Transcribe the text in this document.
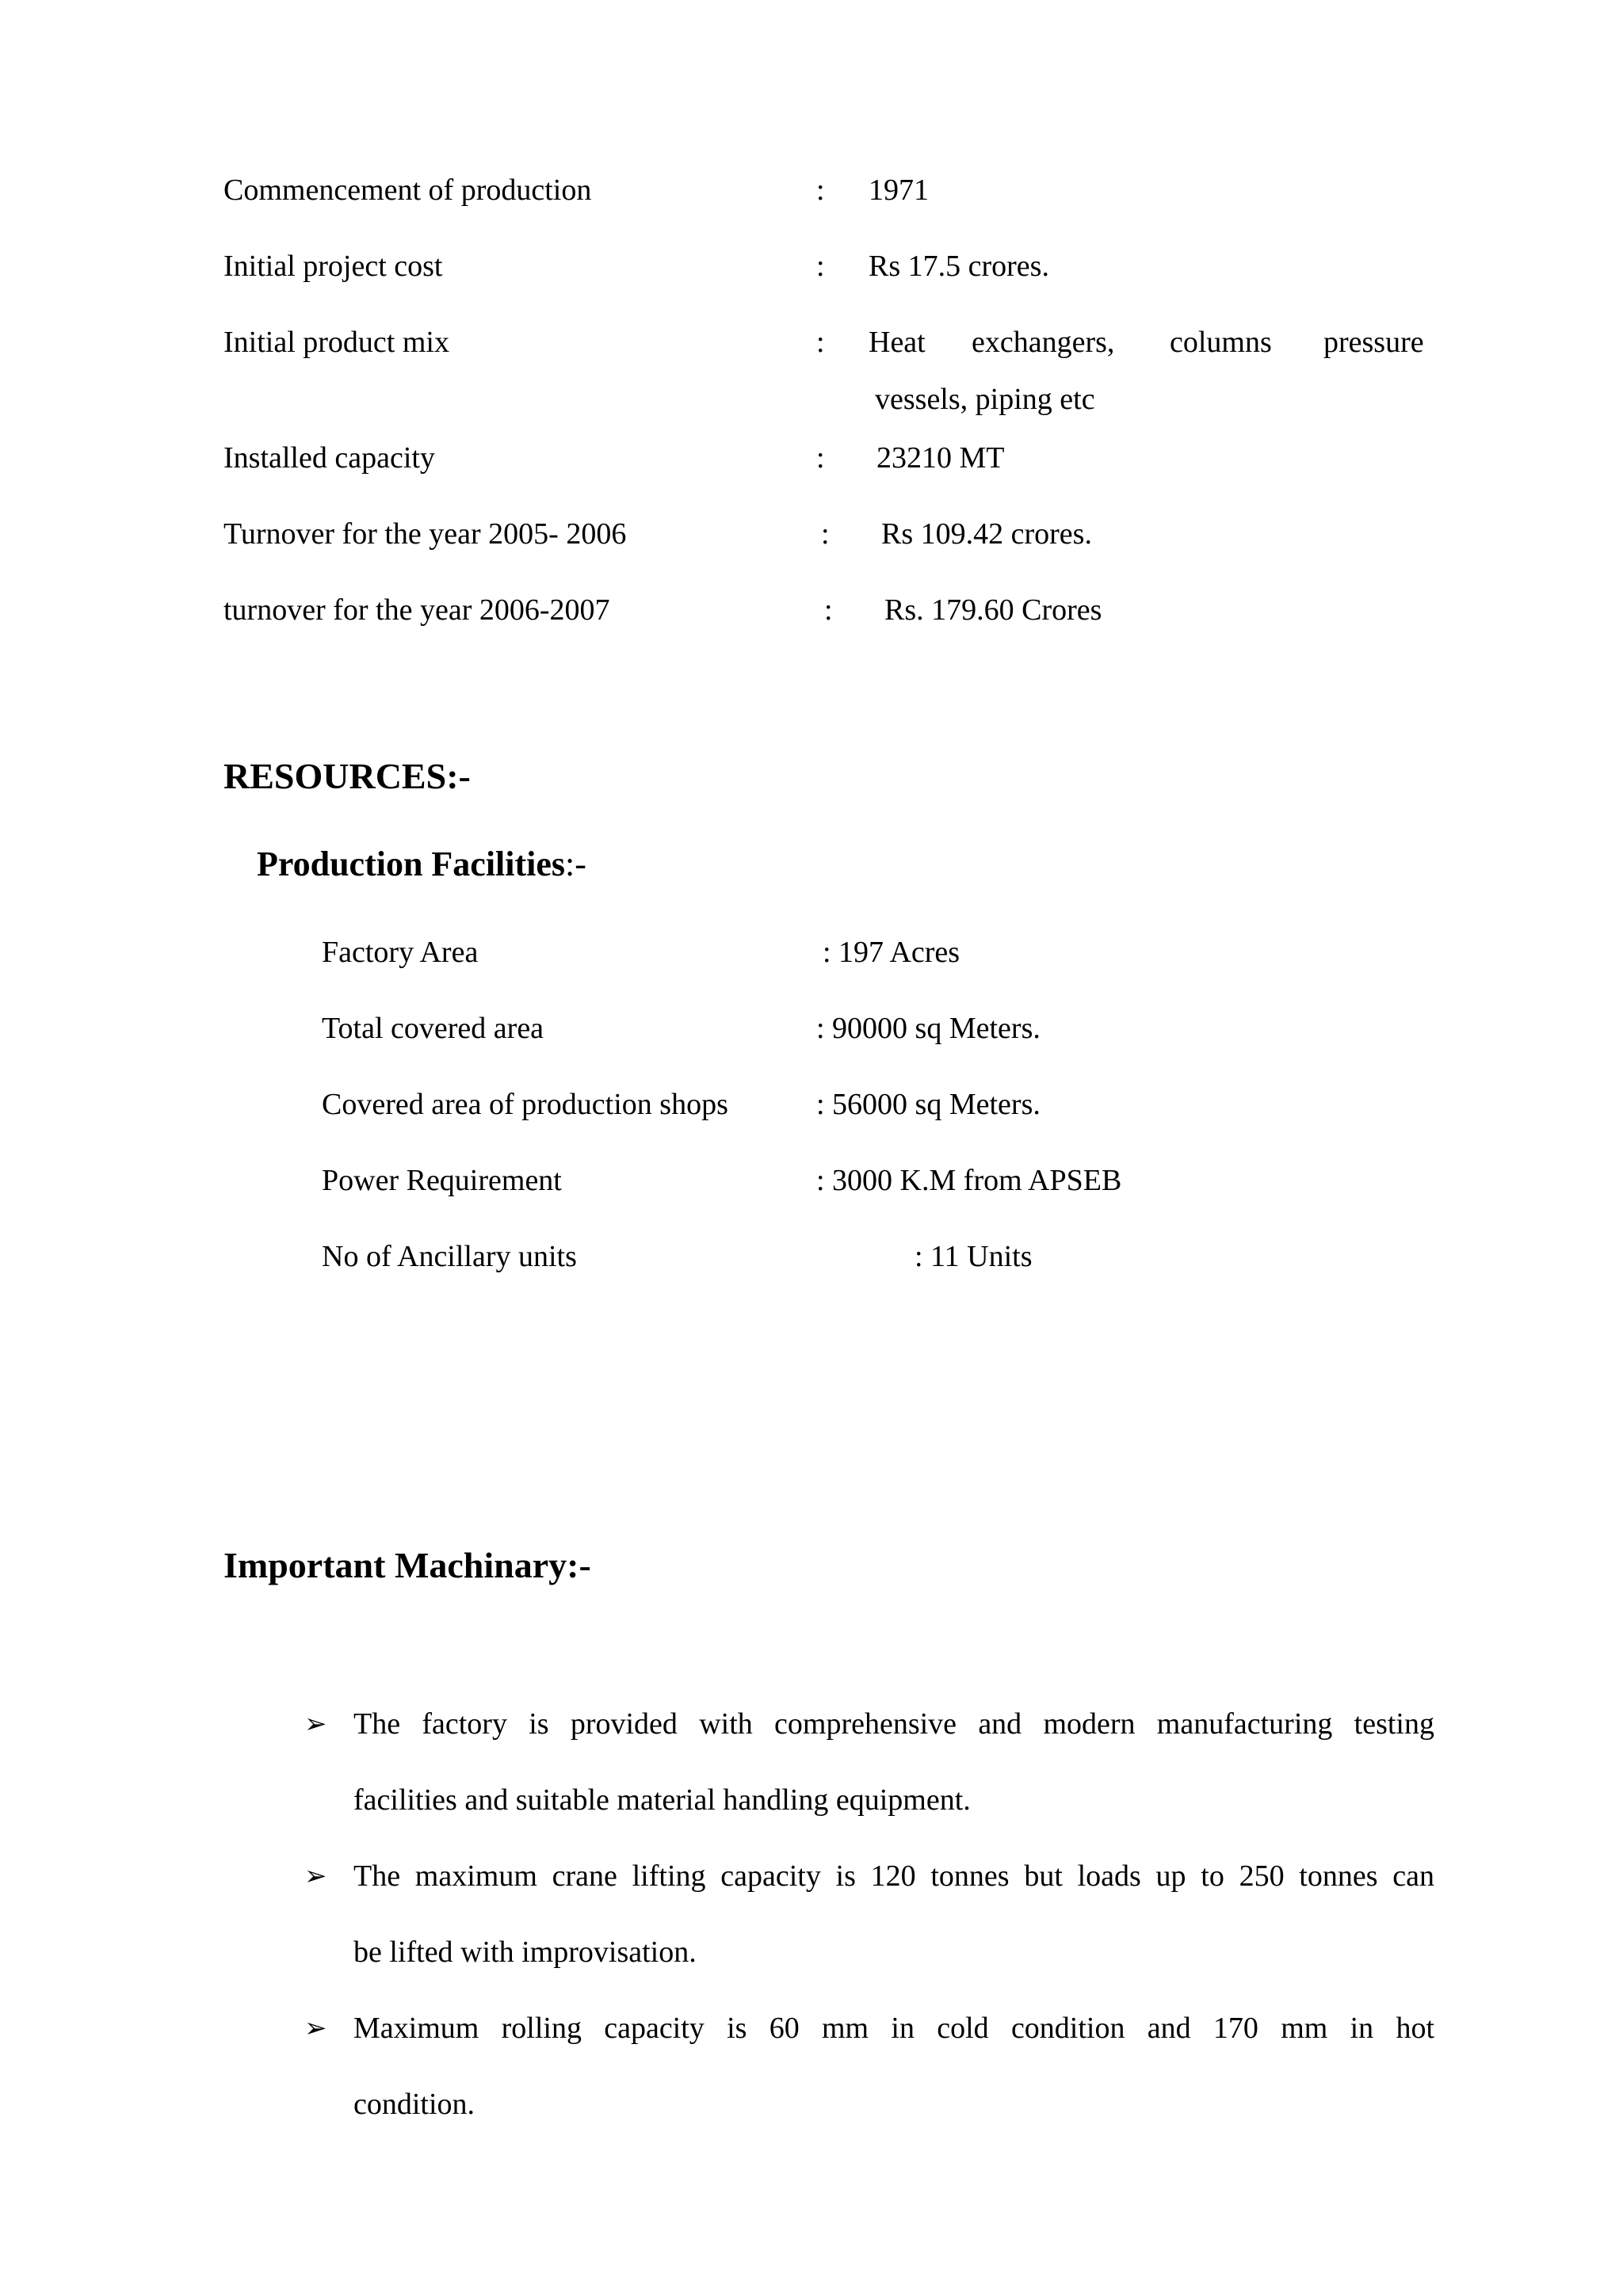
Commencement of production	: 1971
Initial project cost	: Rs 17.5 crores.
Initial product mix	: Heat exchangers, columns pressure
vessels, piping etc
Installed capacity	: 23210 MT
Turnover for the year 2005- 2006	: Rs 109.42 crores.
turnover for the year 2006-2007	: Rs. 179.60 Crores
RESOURCES:-
Production Facilities:-
Factory Area	: 197 Acres
Total covered area	: 90000 sq Meters.
Covered area of production shops	: 56000 sq Meters.
Power Requirement	: 3000 K.M from APSEB
No of Ancillary units	: 11 Units
Important Machinary:-
➢ The factory is provided with comprehensive and modern manufacturing testing
facilities and suitable material handling equipment.
➢ The maximum crane lifting capacity is 120 tonnes but loads up to 250 tonnes can
be lifted with improvisation.
➢ Maximum rolling capacity is 60 mm in cold condition and 170 mm in hot
condition.
